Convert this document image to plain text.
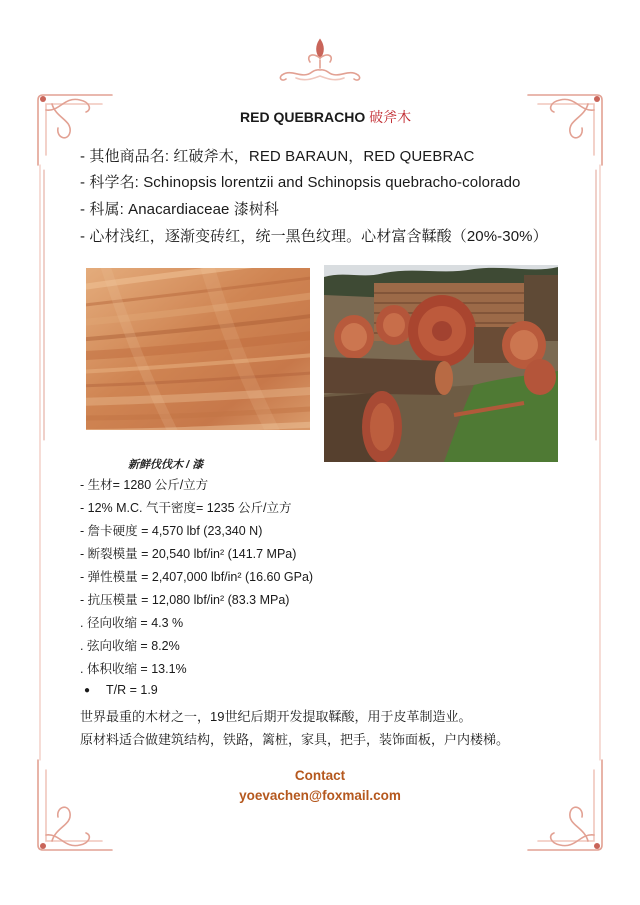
RED QUEBRACHO 破斧木
- 其他商品名: 红破斧木，RED BARAUN，RED QUEBRAC
- 科学名: Schinopsis lorentzii and Schinopsis quebracho-colorado
- 科属: Anacardiaceae 漆树科
- 心材浅红，逐渐变砖红，统一黑色纹理。心材富含鞣酸（20%-30%）
新鲜伐伐木 / 漆
- 生材= 1280 公斤/立方
- 12% M.C. 气干密度= 1235 公斤/立方
- 詹卡硬度 = 4,570 lbf (23,340 N)
- 断裂模量 = 20,540 lbf/in² (141.7 MPa)
- 弹性模量 = 2,407,000 lbf/in² (16.60 GPa)
- 抗压模量 = 12,080 lbf/in² (83.3 MPa)
. 径向收缩 = 4.3 %
. 弦向收缩 = 8.2%
. 体积收缩 = 13.1%
● T/R = 1.9
世界最重的木材之一，19世纪后期开发提取鞣酸，用于皮革制造业。
原材料适合做建筑结构，铁路，篱桩，家具，把手，装饰面板，户内楼梯。
Contact
yoevachen@foxmail.com
